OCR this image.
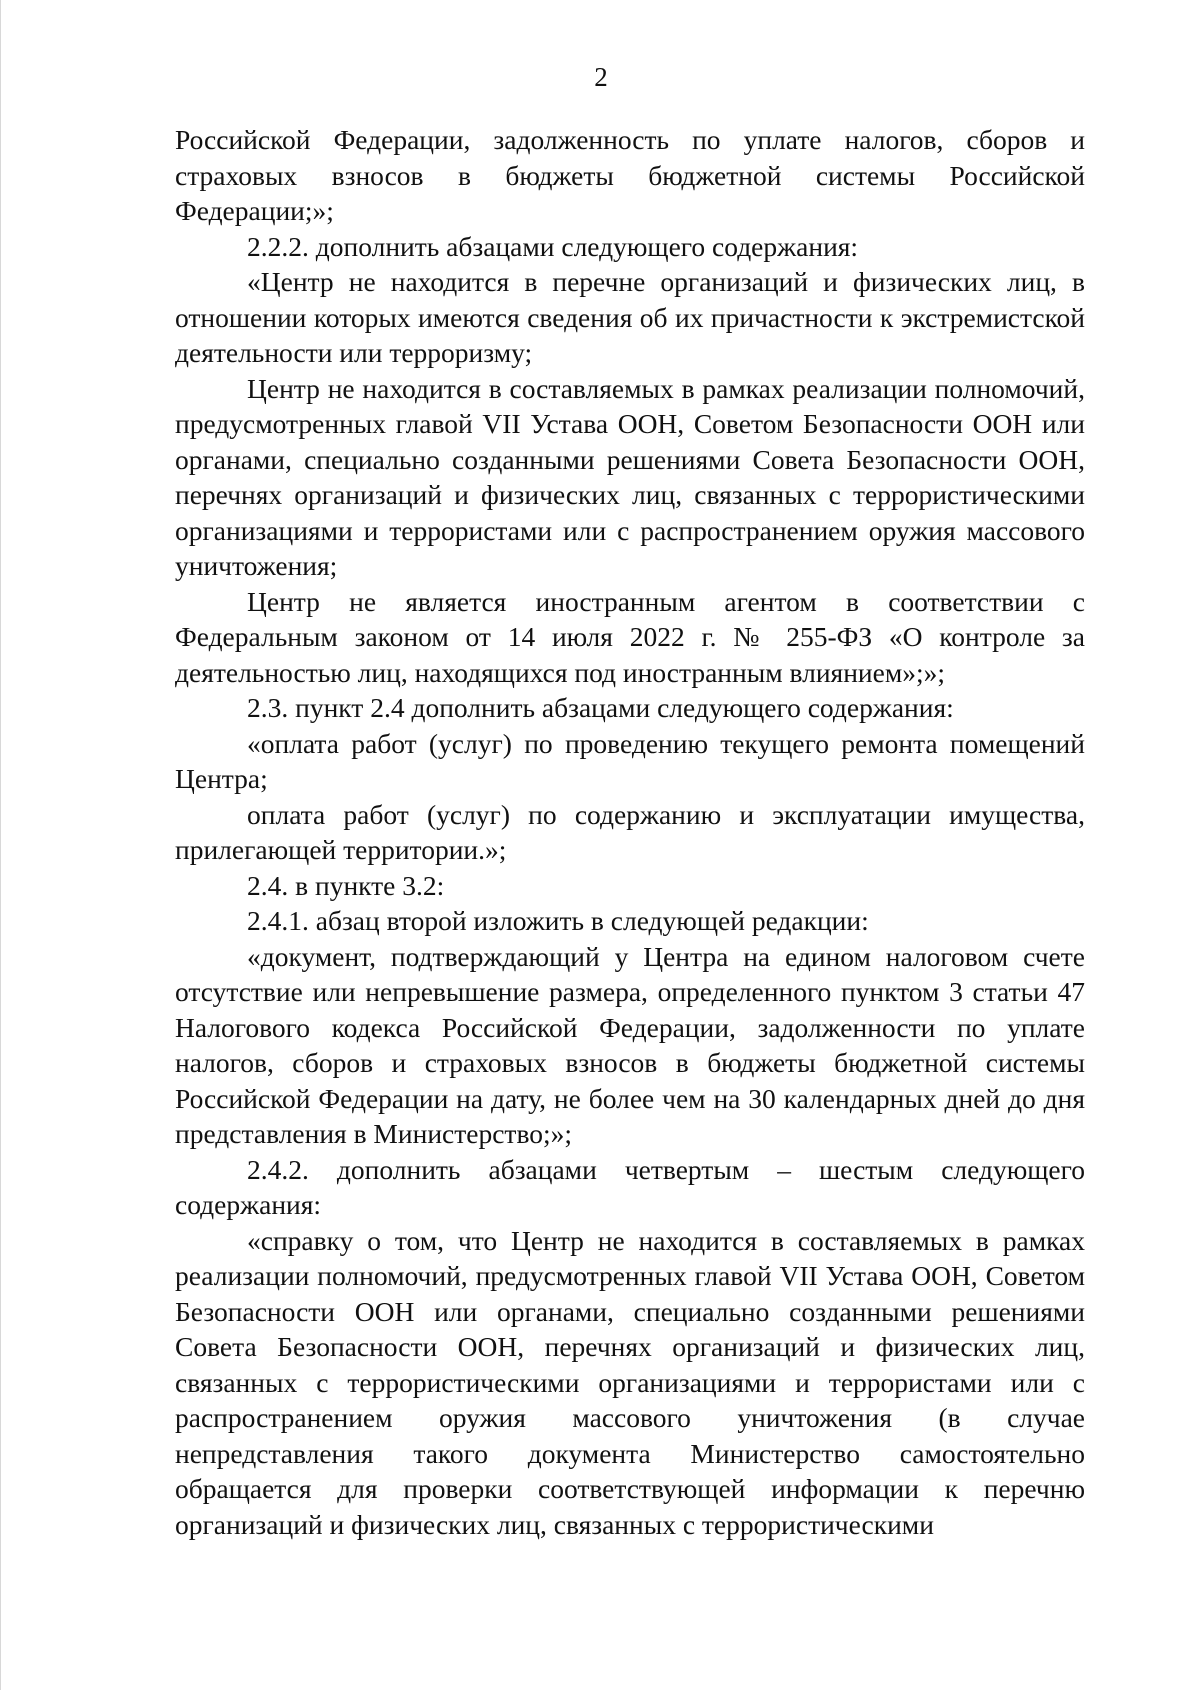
2

Российской Федерации, задолженность по уплате налогов, сборов и страховых взносов в бюджеты бюджетной системы Российской Федерации;»;

2.2.2. дополнить абзацами следующего содержания:

«Центр не находится в перечне организаций и физических лиц, в отношении которых имеются сведения об их причастности к экстремистской деятельности или терроризму;

Центр не находится в составляемых в рамках реализации полномочий, предусмотренных главой VII Устава ООН, Советом Безопасности ООН или органами, специально созданными решениями Совета Безопасности ООН, перечнях организаций и физических лиц, связанных с террористическими организациями и террористами или с распространением оружия массового уничтожения;

Центр не является иностранным агентом в соответствии с Федеральным законом от 14 июля 2022 г. № 255-ФЗ «О контроле за деятельностью лиц, находящихся под иностранным влиянием»;»;

2.3. пункт 2.4 дополнить абзацами следующего содержания:

«оплата работ (услуг) по проведению текущего ремонта помещений Центра;

оплата работ (услуг) по содержанию и эксплуатации имущества, прилегающей территории.»;

2.4. в пункте 3.2:

2.4.1. абзац второй изложить в следующей редакции:

«документ, подтверждающий у Центра на едином налоговом счете отсутствие или непревышение размера, определенного пунктом 3 статьи 47 Налогового кодекса Российской Федерации, задолженности по уплате налогов, сборов и страховых взносов в бюджеты бюджетной системы Российской Федерации на дату, не более чем на 30 календарных дней до дня представления в Министерство;»;

2.4.2. дополнить абзацами четвертым – шестым следующего содержания:

«справку о том, что Центр не находится в составляемых в рамках реализации полномочий, предусмотренных главой VII Устава ООН, Советом Безопасности ООН или органами, специально созданными решениями Совета Безопасности ООН, перечнях организаций и физических лиц, связанных с террористическими организациями и террористами или с распространением оружия массового уничтожения (в случае непредставления такого документа Министерство самостоятельно обращается для проверки соответствующей информации к перечню организаций и физических лиц, связанных с террористическими
